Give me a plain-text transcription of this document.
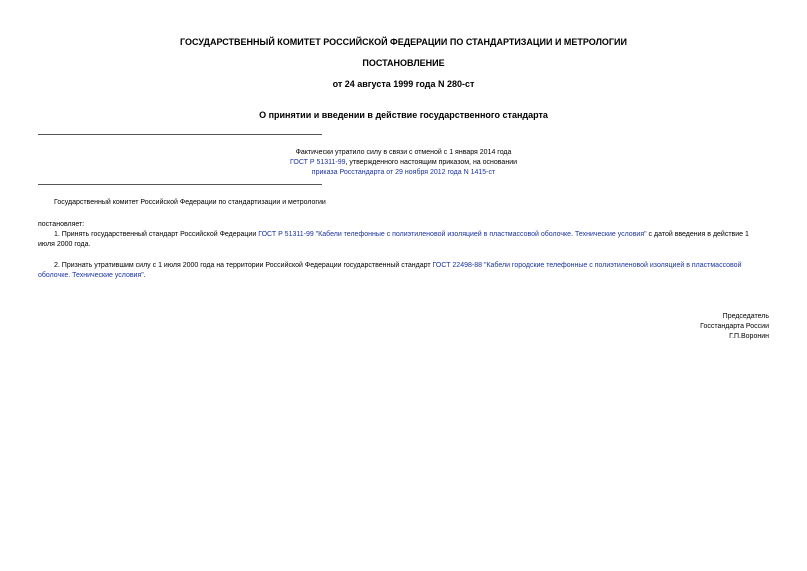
ГОСУДАРСТВЕННЫЙ КОМИТЕТ РОССИЙСКОЙ ФЕДЕРАЦИИ ПО СТАНДАРТИЗАЦИИ И МЕТРОЛОГИИ
ПОСТАНОВЛЕНИЕ
от 24 августа 1999 года N 280-ст
О принятии и введении в действие государственного стандарта
Фактически утратило силу в связи с отменой с 1 января 2014 года
ГОСТ Р 51311-99, утвержденного настоящим приказом, на основании
приказа Росстандарта от 29 ноября 2012 года N 1415-ст
Государственный комитет Российской Федерации по стандартизации и метрологии
постановляет:
1. Принять государственный стандарт Российской Федерации ГОСТ Р 51311-99 "Кабели телефонные с полиэтиленовой изоляцией в пластмассовой оболочке. Технические условия" с датой введения в действие 1
июля 2000 года.
2. Признать утратившим силу с 1 июля 2000 года на территории Российской Федерации государственный стандарт ГОСТ 22498-88 "Кабели городские телефонные с полиэтиленовой изоляцией в пластмассовой
оболочке. Технические условия".
Председатель
Госстандарта России
Г.П.Воронин
